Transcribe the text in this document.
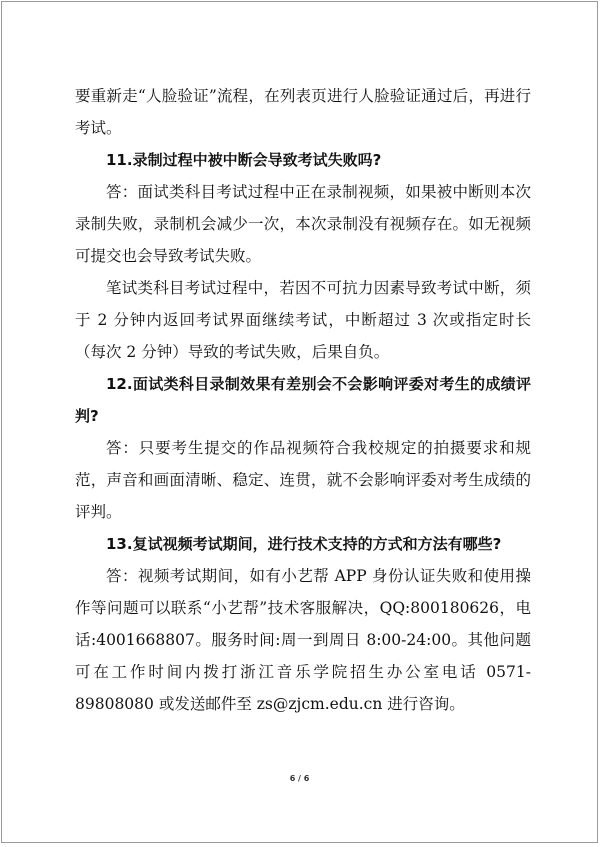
要重新走“人脸验证”流程，在列表页进行人脸验证通过后，再进行考试。

11.录制过程中被中断会导致考试失败吗?

答：面试类科目考试过程中正在录制视频，如果被中断则本次录制失败，录制机会减少一次，本次录制没有视频存在。如无视频可提交也会导致考试失败。

笔试类科目考试过程中，若因不可抗力因素导致考试中断，须于 2 分钟内返回考试界面继续考试，中断超过 3 次或指定时长（每次 2 分钟）导致的考试失败，后果自负。

12.面试类科目录制效果有差别会不会影响评委对考生的成绩评判?

答：只要考生提交的作品视频符合我校规定的拍摄要求和规范，声音和画面清晰、稳定、连贯，就不会影响评委对考生成绩的评判。

13.复试视频考试期间，进行技术支持的方式和方法有哪些?

答：视频考试期间，如有小艺帮 APP 身份认证失败和使用操作等问题可以联系“小艺帮”技术客服解决，QQ:800180626，电话:4001668807。服务时间:周一到周日 8:00-24:00。其他问题可在工作时间内拨打浙江音乐学院招生办公室电话 0571-89808080 或发送邮件至 zs@zjcm.edu.cn 进行咨询。

6 / 6
